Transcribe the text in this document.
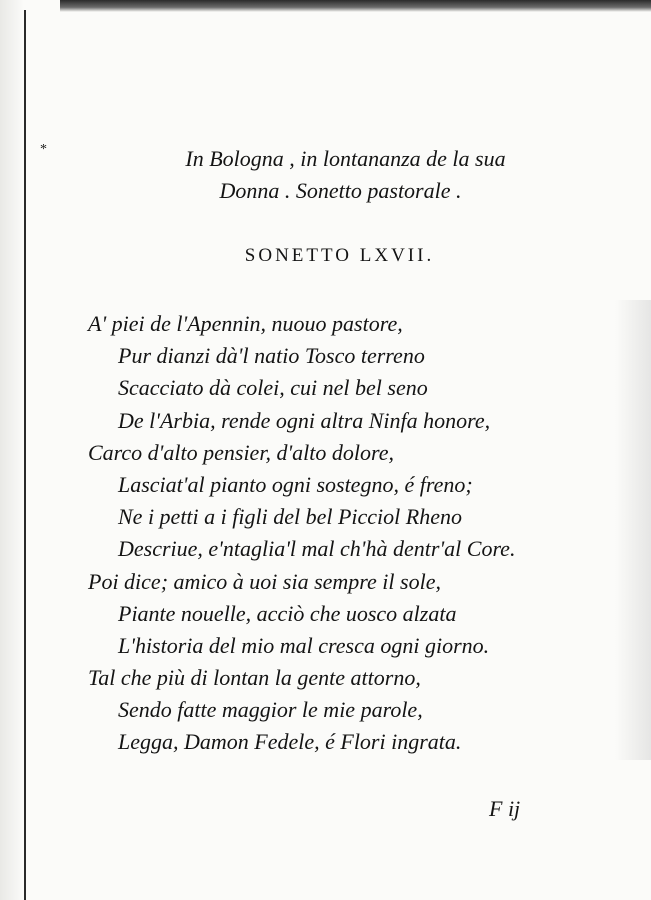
*	In Bologna , in lontananza de la sua
Donna . Sonetto pastorale .
SONETTO LXVII.
A' piei de l'Apennin, nuouo pastore,
Pur dianzi dà'l natio Tosco terreno
Scacciato dà colei, cui nel bel seno
De l'Arbia, rende ogni altra Ninfa honore,
Carco d'alto pensier, d'alto dolore,
Lasciat'al pianto ogni sostegno, é freno;
Ne i petti a i figli del bel Picciol Rheno
Descriue, e'ntaglia'l mal ch'hà dentr'al Core.
Poi dice; amico à uoi sia sempre il sole,
Piante nouelle, acciò che uosco alzata
L'historia del mio mal cresca ogni giorno.
Tal che più di lontan la gente attorno,
Sendo fatte maggior le mie parole,
Legga, Damon Fedele, é Flori ingrata.
F ij
